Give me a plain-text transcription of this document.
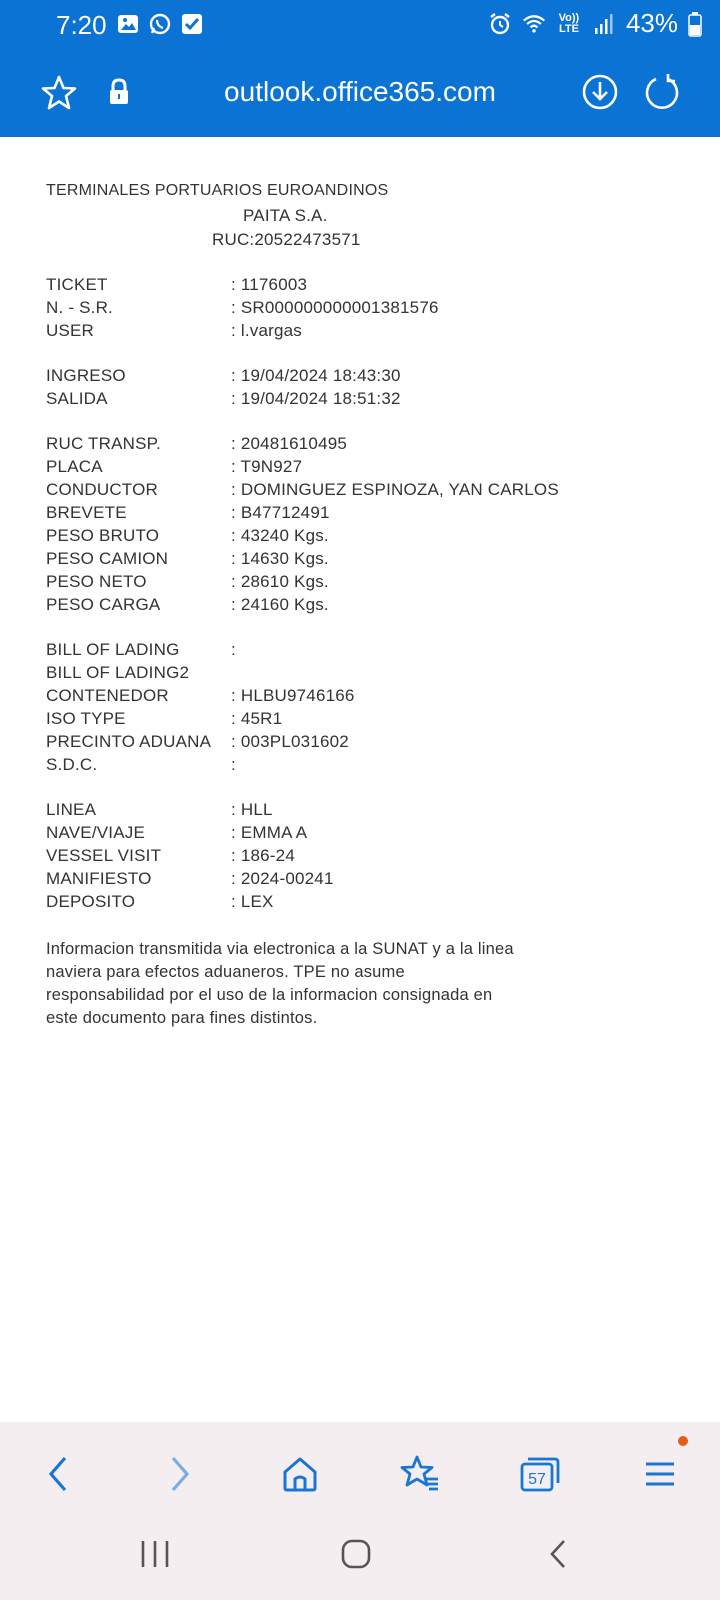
7:20	Vo)) LTE 43%
outlook.office365.com
TERMINALES PORTUARIOS EUROANDINOS
PAITA S.A.
RUC:20522473571
TICKET	: 1176003
N. - S.R.	: SR000000000001381576
USER	: l.vargas
INGRESO	: 19/04/2024 18:43:30
SALIDA	: 19/04/2024 18:51:32
RUC TRANSP.	: 20481610495
PLACA	: T9N927
CONDUCTOR	: DOMINGUEZ ESPINOZA, YAN CARLOS
BREVETE	: B47712491
PESO BRUTO	: 43240 Kgs.
PESO CAMION	: 14630 Kgs.
PESO NETO	: 28610 Kgs.
PESO CARGA	: 24160 Kgs.
BILL OF LADING	:
BILL OF LADING2
CONTENEDOR	: HLBU9746166
ISO TYPE	: 45R1
PRECINTO ADUANA : 003PL031602
S.D.C.	:
LINEA	: HLL
NAVE/VIAJE	: EMMA A
VESSEL VISIT	: 186-24
MANIFIESTO	: 2024-00241
DEPOSITO	: LEX
Informacion transmitida via electronica a la SUNAT y a la linea naviera para efectos aduaneros. TPE no asume responsabilidad por el uso de la informacion consignada en este documento para fines distintos.
57
